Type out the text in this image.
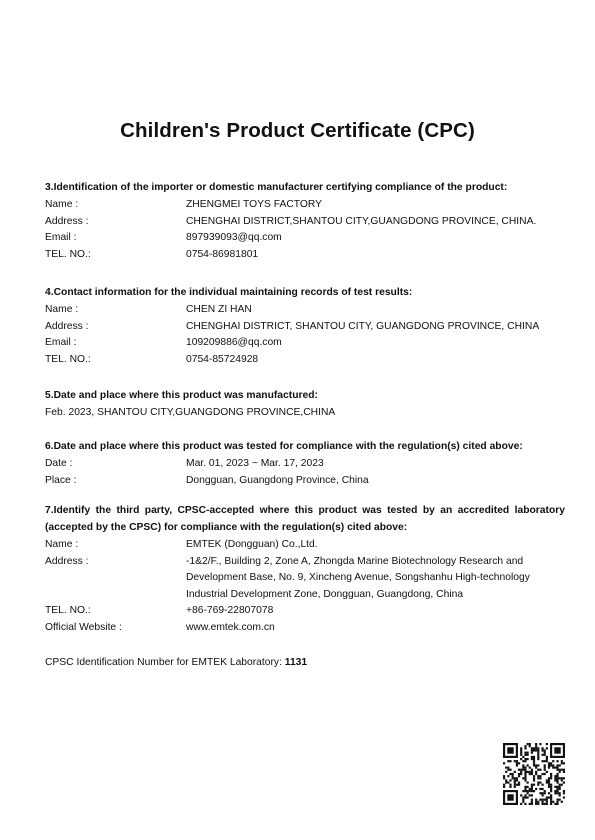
Children's Product Certificate (CPC)
3.Identification of the importer or domestic manufacturer certifying compliance of the product:
Name :	ZHENGMEI TOYS FACTORY
Address :	CHENGHAI DISTRICT,SHANTOU CITY,GUANGDONG PROVINCE, CHINA.
Email :	897939093@qq.com
TEL. NO.:	0754-86981801
4.Contact information for the individual maintaining records of test results:
Name :	CHEN ZI HAN
Address :	CHENGHAI DISTRICT, SHANTOU CITY, GUANGDONG PROVINCE, CHINA
Email :	109209886@qq.com
TEL. NO.:	0754-85724928
5.Date and place where this product was manufactured:
Feb. 2023, SHANTOU CITY,GUANGDONG PROVINCE,CHINA
6.Date and place where this product was tested for compliance with the regulation(s) cited above:
Date :	Mar. 01, 2023 ~ Mar. 17, 2023
Place :	Dongguan, Guangdong Province, China
7.Identify the third party, CPSC-accepted where this product was tested by an accredited laboratory
(accepted by the CPSC) for compliance with the regulation(s) cited above:
Name :	EMTEK (Dongguan) Co.,Ltd.
Address :	-1&2/F., Building 2, Zone A, Zhongda Marine Biotechnology Research and
Development Base, No. 9, Xincheng Avenue, Songshanhu High-technology
Industrial Development Zone, Dongguan, Guangdong, China
TEL. NO.:	+86-769-22807078
Official Website :	www.emtek.com.cn
CPSC Identification Number for EMTEK Laboratory: 1131
